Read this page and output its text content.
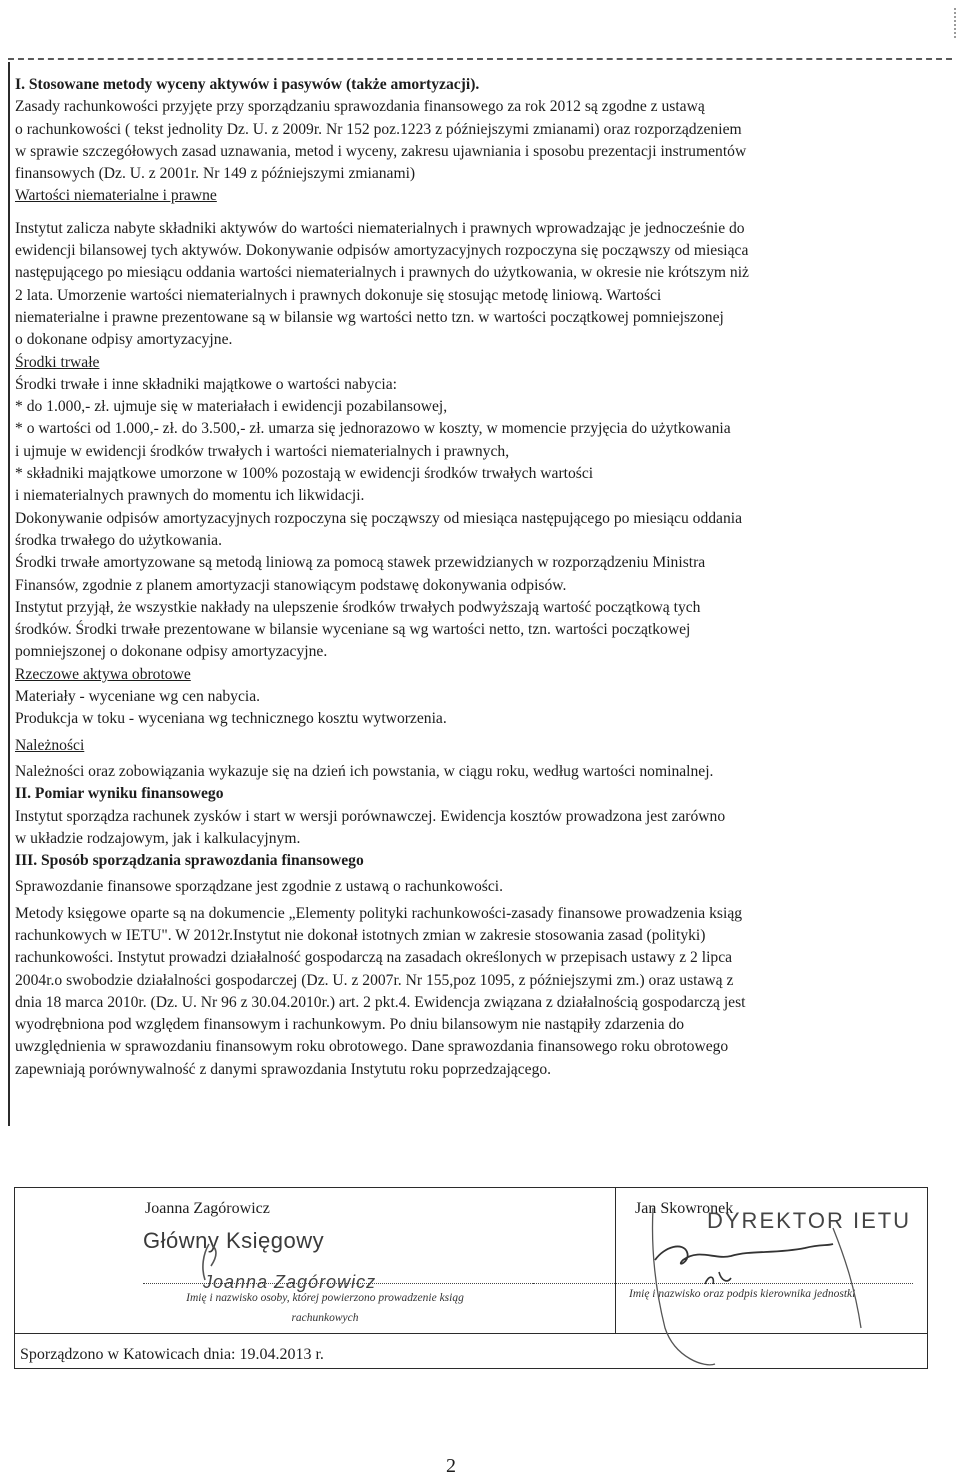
I. Stosowane metody wyceny aktywów i pasywów (także amortyzacji).

Zasady rachunkowości przyjęte przy sporządzaniu sprawozdania finansowego za rok 2012 są zgodne z ustawą

o rachunkowości ( tekst jednolity Dz. U. z 2009r. Nr 152 poz.1223 z późniejszymi zmianami) oraz rozporządzeniem

w sprawie szczegółowych zasad uznawania, metod i wyceny, zakresu ujawniania i sposobu prezentacji instrumentów

finansowych (Dz. U. z 2001r. Nr 149 z późniejszymi zmianami)

Wartości niematerialne i prawne

Instytut zalicza nabyte składniki aktywów do wartości niematerialnych i prawnych wprowadzając je jednocześnie do

ewidencji bilansowej tych aktywów. Dokonywanie odpisów amortyzacyjnych rozpoczyna się począwszy od miesiąca

następującego po miesiącu oddania wartości niematerialnych i prawnych do użytkowania, w okresie nie krótszym niż

2 lata. Umorzenie wartości niematerialnych i prawnych dokonuje się stosując metodę liniową. Wartości

niematerialne i prawne prezentowane są w bilansie wg wartości netto tzn. w wartości początkowej pomniejszonej

o dokonane odpisy amortyzacyjne.

Środki trwałe

Środki trwałe i inne składniki majątkowe o wartości nabycia:

* do 1.000,- zł. ujmuje się w materiałach i ewidencji pozabilansowej,

* o wartości od 1.000,- zł. do 3.500,- zł. umarza się jednorazowo w koszty, w momencie przyjęcia do użytkowania

i ujmuje w ewidencji środków trwałych i wartości niematerialnych i prawnych,

* składniki majątkowe umorzone w 100% pozostają w ewidencji środków trwałych wartości

i niematerialnych prawnych do momentu ich likwidacji.

Dokonywanie odpisów amortyzacyjnych rozpoczyna się począwszy od miesiąca następującego po miesiącu oddania

środka trwałego do użytkowania.

Środki trwałe amortyzowane są metodą liniową za pomocą stawek przewidzianych w rozporządzeniu Ministra

Finansów, zgodnie z planem amortyzacji stanowiącym podstawę dokonywania odpisów.

Instytut przyjął, że wszystkie nakłady na ulepszenie środków trwałych podwyższają wartość początkową tych

środków. Środki trwałe prezentowane w bilansie wyceniane są wg wartości netto, tzn. wartości początkowej

pomniejszonej o dokonane odpisy amortyzacyjne.

Rzeczowe aktywa obrotowe

Materiały - wyceniane wg cen nabycia.

Produkcja w toku - wyceniana wg technicznego kosztu wytworzenia.

Należności

Należności oraz zobowiązania wykazuje się na dzień ich powstania, w ciągu roku, według wartości nominalnej.

II. Pomiar wyniku finansowego

Instytut sporządza rachunek zysków i start w wersji porównawczej. Ewidencja kosztów prowadzona jest zarówno

w układzie rodzajowym, jak i kalkulacyjnym.

III. Sposób sporządzania sprawozdania finansowego

Sprawozdanie finansowe sporządzane jest zgodnie z ustawą o rachunkowości.

Metody księgowe oparte są na dokumencie „Elementy polityki rachunkowości-zasady finansowe prowadzenia ksiąg

rachunkowych w IETU". W 2012r.Instytut nie dokonał istotnych zmian w zakresie stosowania zasad (polityki)

rachunkowości. Instytut prowadzi działalność gospodarczą na zasadach określonych w przepisach ustawy z 2 lipca

2004r.o swobodzie działalności gospodarczej (Dz. U. z 2007r. Nr 155,poz 1095, z późniejszymi zm.) oraz ustawą z

dnia 18 marca 2010r. (Dz. U. Nr 96 z 30.04.2010r.) art. 2 pkt.4. Ewidencja związana z działalnością gospodarczą jest

wyodrębniona pod względem finansowym i rachunkowym. Po dniu bilansowym nie nastąpiły zdarzenia do

uwzględnienia w sprawozdaniu finansowym roku obrotowego. Dane sprawozdania finansowego roku obrotowego

zapewniają porównywalność z danymi sprawozdania Instytutu roku poprzedzającego.

Joanna Zagórowicz
Główny Księgowy
Joanna Zagórowicz
Imię i nazwisko osoby, której powierzono prowadzenie ksiąg
rachunkowych
Jan Skowronek
DYREKTOR IETU
Imię i nazwisko oraz podpis kierownika jednostki
Sporządzono w Katowicach dnia: 19.04.2013 r.
2
